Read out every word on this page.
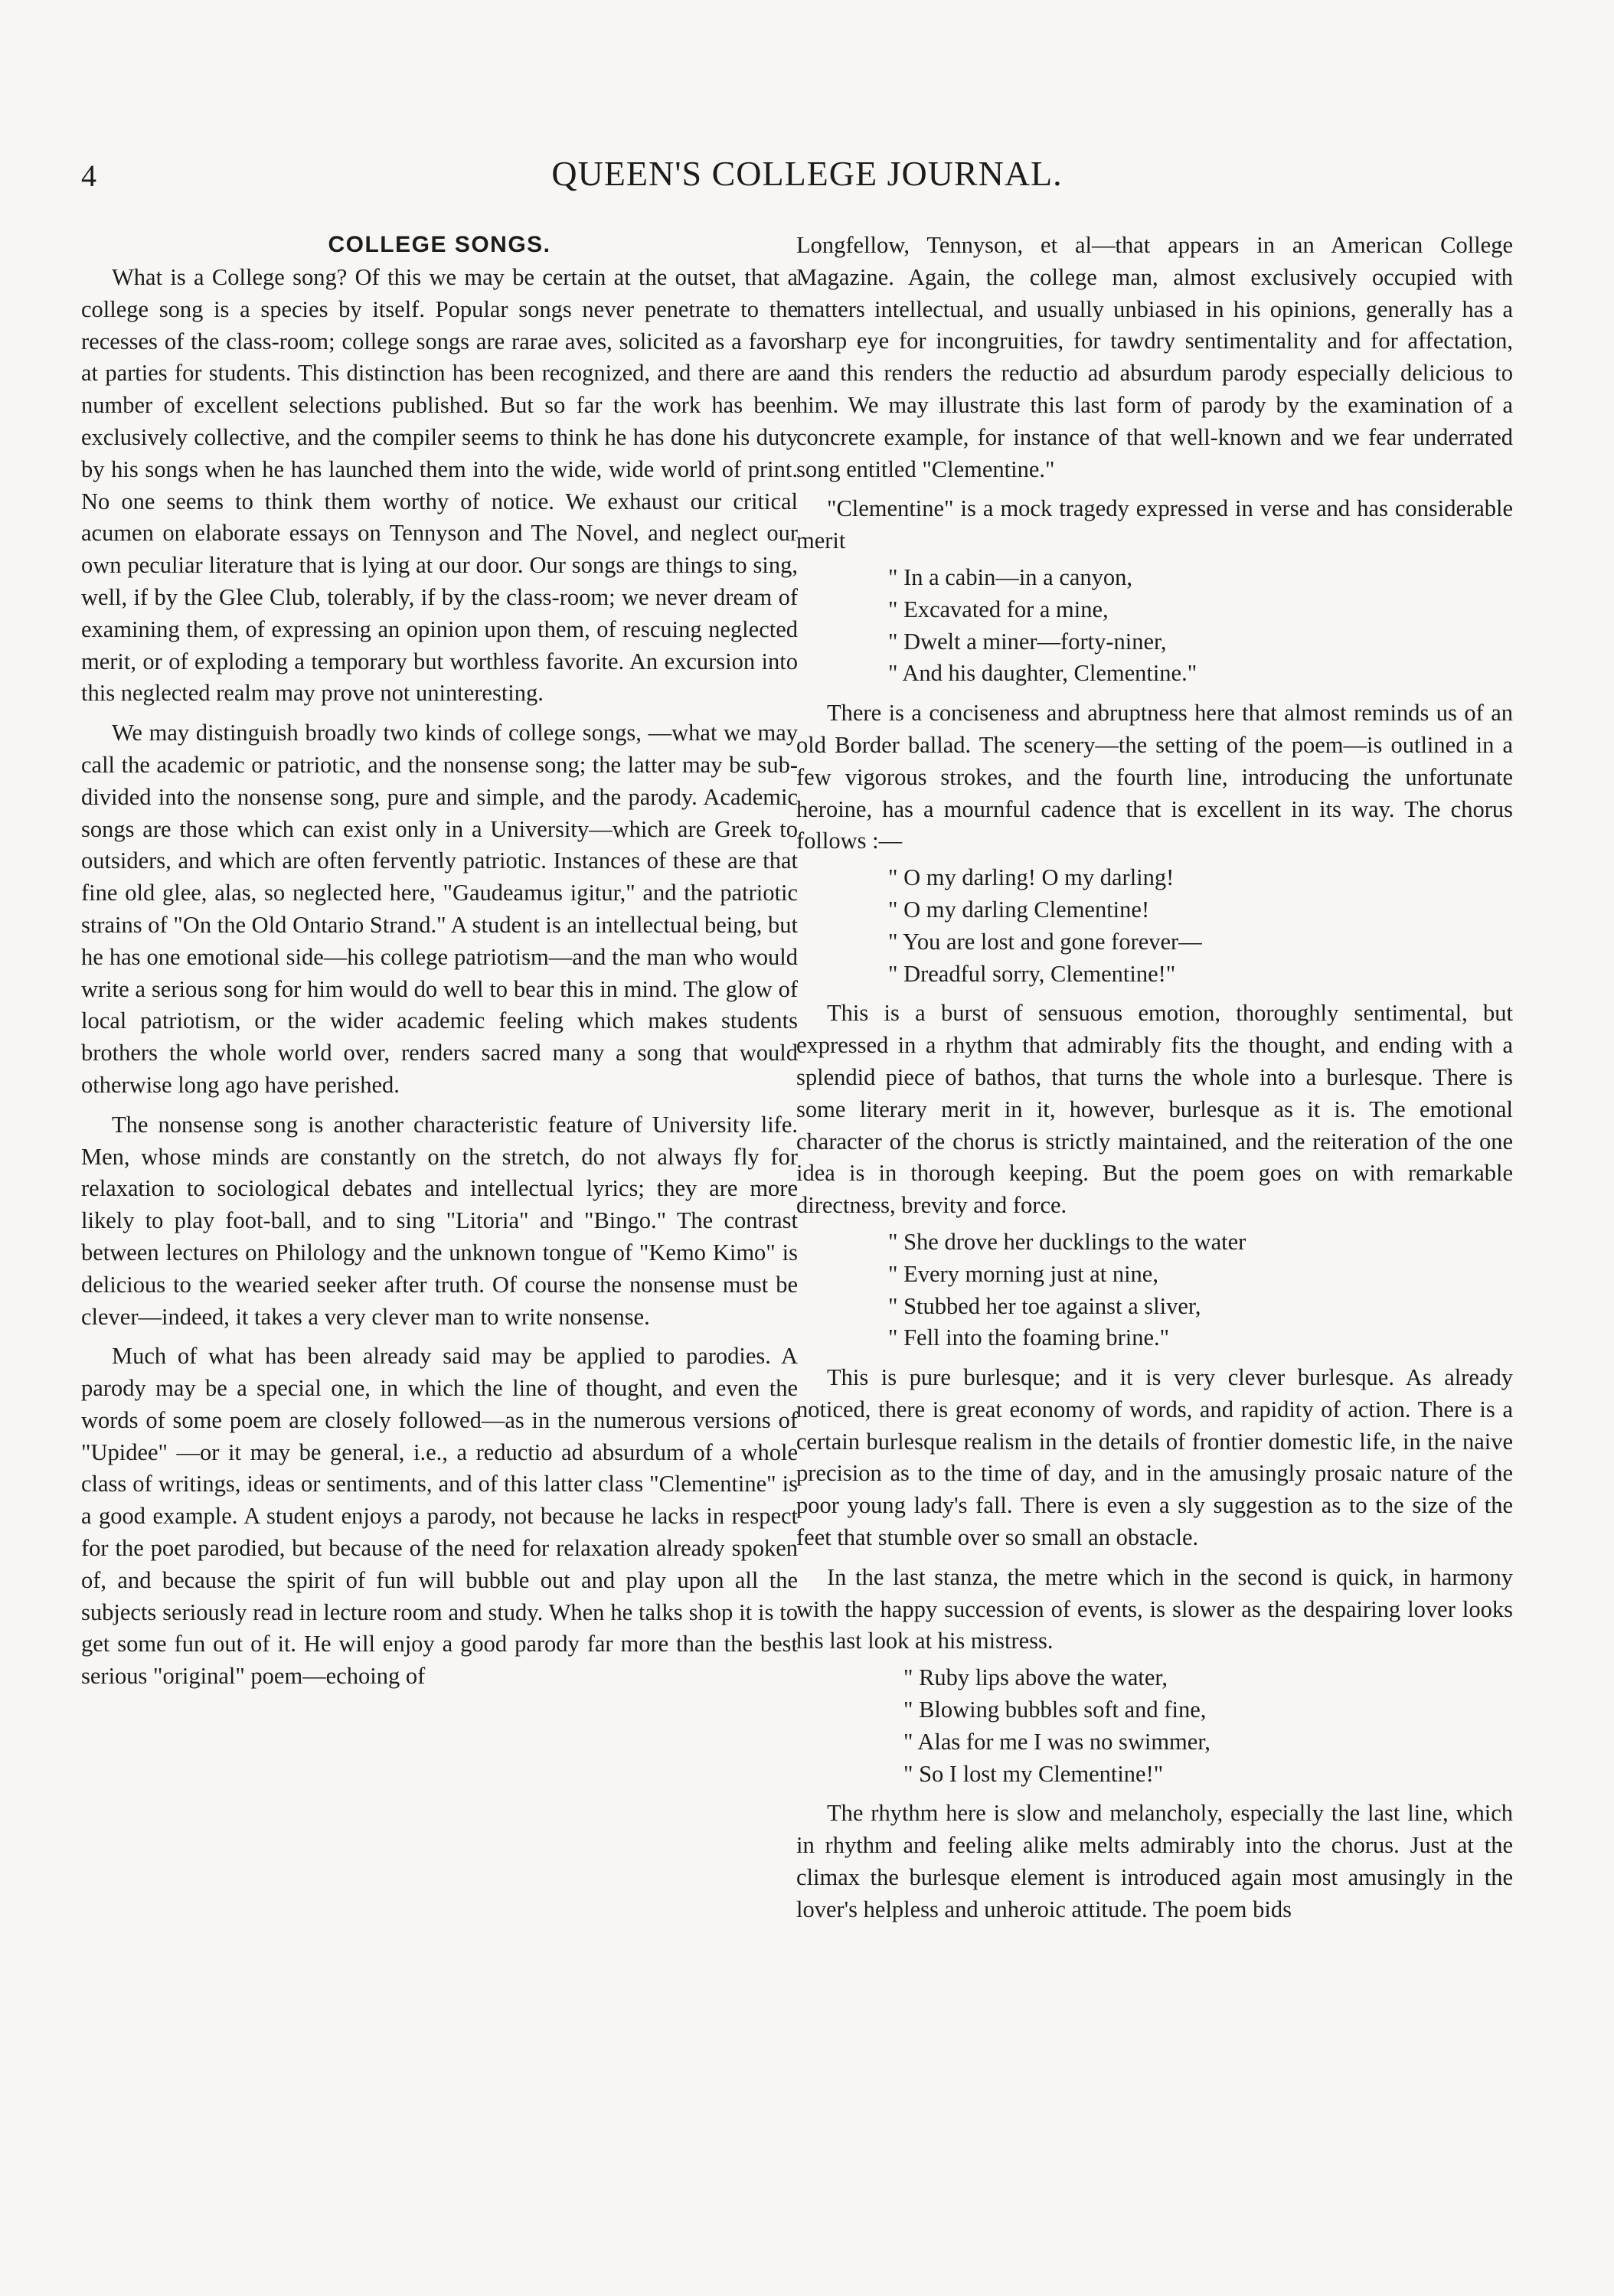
4	QUEEN'S COLLEGE JOURNAL.
COLLEGE SONGS.

What is a College song? Of this we may be certain at the outset, that a college song is a species by itself. Popular songs never penetrate to the recesses of the class-room; college songs are rarae aves, solicited as a favor at parties for students. This distinction has been recognized, and there are a number of excellent selections published. But so far the work has been exclusively collective, and the compiler seems to think he has done his duty by his songs when he has launched them into the wide, wide world of print. No one seems to think them worthy of notice. We exhaust our critical acumen on elaborate essays on Tennyson and The Novel, and neglect our own peculiar literature that is lying at our door. Our songs are things to sing, well, if by the Glee Club, tolerably, if by the class-room; we never dream of examining them, of expressing an opinion upon them, of rescuing neglected merit, or of exploding a temporary but worthless favorite. An excursion into this neglected realm may prove not uninteresting.

We may distinguish broadly two kinds of college songs, —what we may call the academic or patriotic, and the nonsense song; the latter may be sub-divided into the nonsense song, pure and simple, and the parody. Academic songs are those which can exist only in a University—which are Greek to outsiders, and which are often fervently patriotic. Instances of these are that fine old glee, alas, so neglected here, "Gaudeamus igitur," and the patriotic strains of "On the Old Ontario Strand." A student is an intellectual being, but he has one emotional side—his college patriotism—and the man who would write a serious song for him would do well to bear this in mind. The glow of local patriotism, or the wider academic feeling which makes students brothers the whole world over, renders sacred many a song that would otherwise long ago have perished.

The nonsense song is another characteristic feature of University life. Men, whose minds are constantly on the stretch, do not always fly for relaxation to sociological debates and intellectual lyrics; they are more likely to play foot-ball, and to sing "Litoria" and "Bingo." The contrast between lectures on Philology and the unknown tongue of "Kemo Kimo" is delicious to the wearied seeker after truth. Of course the nonsense must be clever—indeed, it takes a very clever man to write nonsense.

Much of what has been already said may be applied to parodies. A parody may be a special one, in which the line of thought, and even the words of some poem are closely followed—as in the numerous versions of "Upidee" —or it may be general, i.e., a reductio ad absurdum of a whole class of writings, ideas or sentiments, and of this latter class "Clementine" is a good example. A student enjoys a parody, not because he lacks in respect for the poet parodied, but because of the need for relaxation already spoken of, and because the spirit of fun will bubble out and play upon all the subjects seriously read in lecture room and study. When he talks shop it is to get some fun out of it. He will enjoy a good parody far more than the best serious "original" poem—echoing of

Longfellow, Tennyson, et al—that appears in an American College Magazine. Again, the college man, almost exclusively occupied with matters intellectual, and usually unbiased in his opinions, generally has a sharp eye for incongruities, for tawdry sentimentality and for affectation, and this renders the reductio ad absurdum parody especially delicious to him. We may illustrate this last form of parody by the examination of a concrete example, for instance of that well-known and we fear underrated song entitled "Clementine."

"Clementine" is a mock tragedy expressed in verse and has considerable merit

" In a cabin—in a canyon,
" Excavated for a mine,
" Dwelt a miner—forty-niner,
" And his daughter, Clementine."

There is a conciseness and abruptness here that almost reminds us of an old Border ballad. The scenery—the setting of the poem—is outlined in a few vigorous strokes, and the fourth line, introducing the unfortunate heroine, has a mournful cadence that is excellent in its way. The chorus follows :—

" O my darling! O my darling!
" O my darling Clementine!
" You are lost and gone forever—
" Dreadful sorry, Clementine!"

This is a burst of sensuous emotion, thoroughly sentimental, but expressed in a rhythm that admirably fits the thought, and ending with a splendid piece of bathos, that turns the whole into a burlesque. There is some literary merit in it, however, burlesque as it is. The emotional character of the chorus is strictly maintained, and the reiteration of the one idea is in thorough keeping. But the poem goes on with remarkable directness, brevity and force.

" She drove her ducklings to the water
" Every morning just at nine,
" Stubbed her toe against a sliver,
" Fell into the foaming brine."

This is pure burlesque; and it is very clever burlesque. As already noticed, there is great economy of words, and rapidity of action. There is a certain burlesque realism in the details of frontier domestic life, in the naive precision as to the time of day, and in the amusingly prosaic nature of the poor young lady's fall. There is even a sly suggestion as to the size of the feet that stumble over so small an obstacle.

In the last stanza, the metre which in the second is quick, in harmony with the happy succession of events, is slower as the despairing lover looks his last look at his mistress.

" Ruby lips above the water,
" Blowing bubbles soft and fine,
" Alas for me I was no swimmer,
" So I lost my Clementine!"

The rhythm here is slow and melancholy, especially the last line, which in rhythm and feeling alike melts admirably into the chorus. Just at the climax the burlesque element is introduced again most amusingly in the lover's helpless and unheroic attitude. The poem bids
